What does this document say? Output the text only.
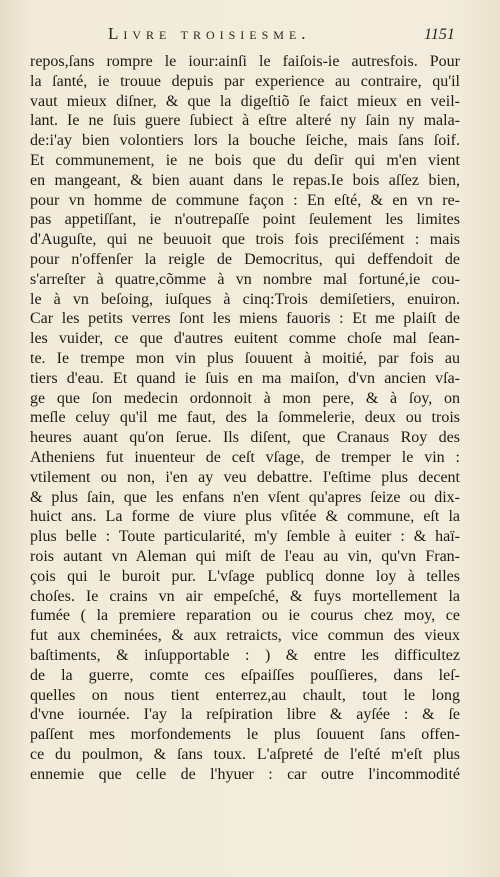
Livre troisiesme.	1151
repos,ſans rompre le iour:ainſi le faiſois-ie autresfois. Pour
la ſanté, ie trouue depuis par experience au contraire, qu'il
vaut mieux diſner, & que la digeſtiõ ſe faict mieux en veil-
lant. Ie ne ſuis guere ſubiect à eſtre alteré ny ſain ny mala-
de:i'ay bien volontiers lors la bouche ſeiche, mais ſans ſoif.
Et communement, ie ne bois que du deſir qui m'en vient
en mangeant, & bien auant dans le repas.Ie bois aſſez bien,
pour vn homme de commune façon : En eſté, & en vn re-
pas appetiſſant, ie n'outrepaſſe point ſeulement les limites
d'Auguſte, qui ne beuuoit que trois fois preciſément : mais
pour n'offenſer la reigle de Democritus, qui deffendoit de
s'arreſter à quatre,cõmme à vn nombre mal fortuné,ie cou-
le à vn beſoing, iuſques à cinq:Trois demiſetiers, enuiron.
Car les petits verres ſont les miens fauoris : Et me plaiſt de
les vuider, ce que d'autres euitent comme choſe mal ſean-
te. Ie trempe mon vin plus ſouuent à moitié, par fois au
tiers d'eau. Et quand ie ſuis en ma maiſon, d'vn ancien vſa-
ge que ſon medecin ordonnoit à mon pere, & à ſoy, on
meſle celuy qu'il me faut, des la ſommelerie, deux ou trois
heures auant qu'on ſerue. Ils diſent, que Cranaus Roy des
Atheniens fut inuenteur de ceſt vſage, de tremper le vin :
vtilement ou non, i'en ay veu debattre. I'eſtime plus decent
& plus ſain, que les enfans n'en vſent qu'apres ſeize ou dix-
huict ans. La forme de viure plus vſitée & commune, eſt la
plus belle : Toute particularité, m'y ſemble à euiter : & haï-
rois autant vn Aleman qui miſt de l'eau au vin, qu'vn Fran-
çois qui le buroit pur. L'vſage publicq donne loy à telles
choſes. Ie crains vn air empeſché, & fuys mortellement la
fumée ( la premiere reparation ou ie courus chez moy, ce
fut aux cheminées, & aux retraicts, vice commun des vieux
baſtiments, & inſupportable : ) & entre les difficultez
de la guerre, comte ces eſpaiſſes pouſſieres, dans leſ-
quelles on nous tient enterrez,au chault, tout le long
d'vne iournée. I'ay la reſpiration libre & ayſée : & ſe
paſſent mes morfondements le plus ſouuent ſans offen-
ce du poulmon, & ſans toux. L'aſpreté de l'eſté m'eſt plus
ennemie que celle de l'hyuer : car outre l'incommodité
